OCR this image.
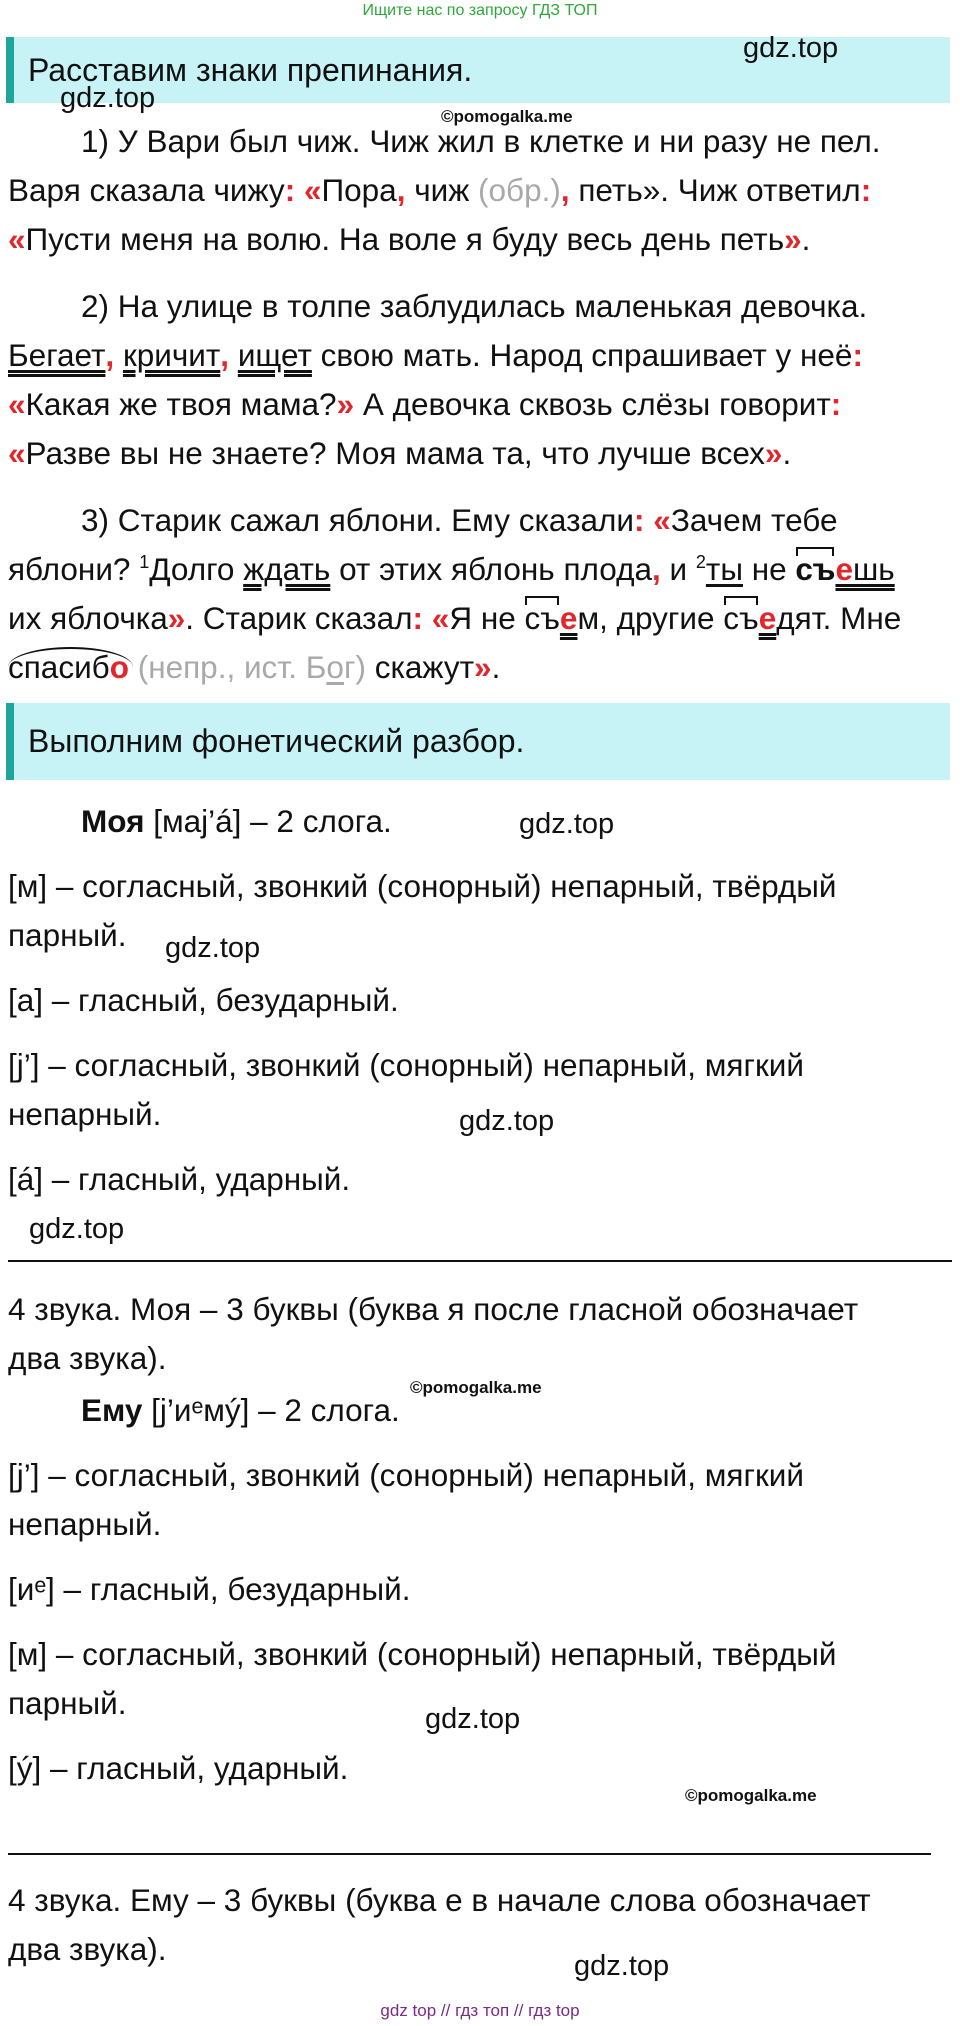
Ищите нас по запросу ГДЗ ТОП
Расставим знаки препинания.
gdz.top
gdz.top
©pomogalka.me
1) У Вари был чиж. Чиж жил в клетке и ни разу не пел.
Варя сказала чижу: «Пора, чиж (обр.), петь». Чиж ответил:
«Пусти меня на волю. На воле я буду весь день петь».
2) На улице в толпе заблудилась маленькая девочка.
Бегает, кричит, ищет свою мать. Народ спрашивает у неё:
«Какая же твоя мама?» А девочка сквозь слёзы говорит:
«Разве вы не знаете? Моя мама та, что лучше всех».
3) Старик сажал яблони. Ему сказали: «Зачем тебе
яблони? $^1$Долго ждать от этих яблонь плода, и $^2$ты не съешь
их яблочка». Старик сказал: «Я не съем, другие съедят. Мне
спасибо (непр., ист. Бог) скажут».
Выполним фонетический разбор.
Моя [маj’á] – 2 слога.	gdz.top
[м] – согласный, звонкий (сонорный) непарный, твёрдый
парный. gdz.top
[а] – гласный, безударный.
[j’] – согласный, звонкий (сонорный) непарный, мягкий
непарный.	gdz.top
[á] – гласный, ударный.
gdz.top
4 звука. Моя – 3 буквы (буква я после гласной обозначает
два звука).
©pomogalka.me
Ему [j’иᵉмý] – 2 слога.
[j’] – согласный, звонкий (сонорный) непарный, мягкий
непарный.
[иᵉ] – гласный, безударный.
[м] – согласный, звонкий (сонорный) непарный, твёрдый
парный.	gdz.top
[ý] – гласный, ударный.
©pomogalka.me
4 звука. Ему – 3 буквы (буква е в начале слова обозначает
два звука).	gdz.top
gdz top // гдз топ // гдз top
